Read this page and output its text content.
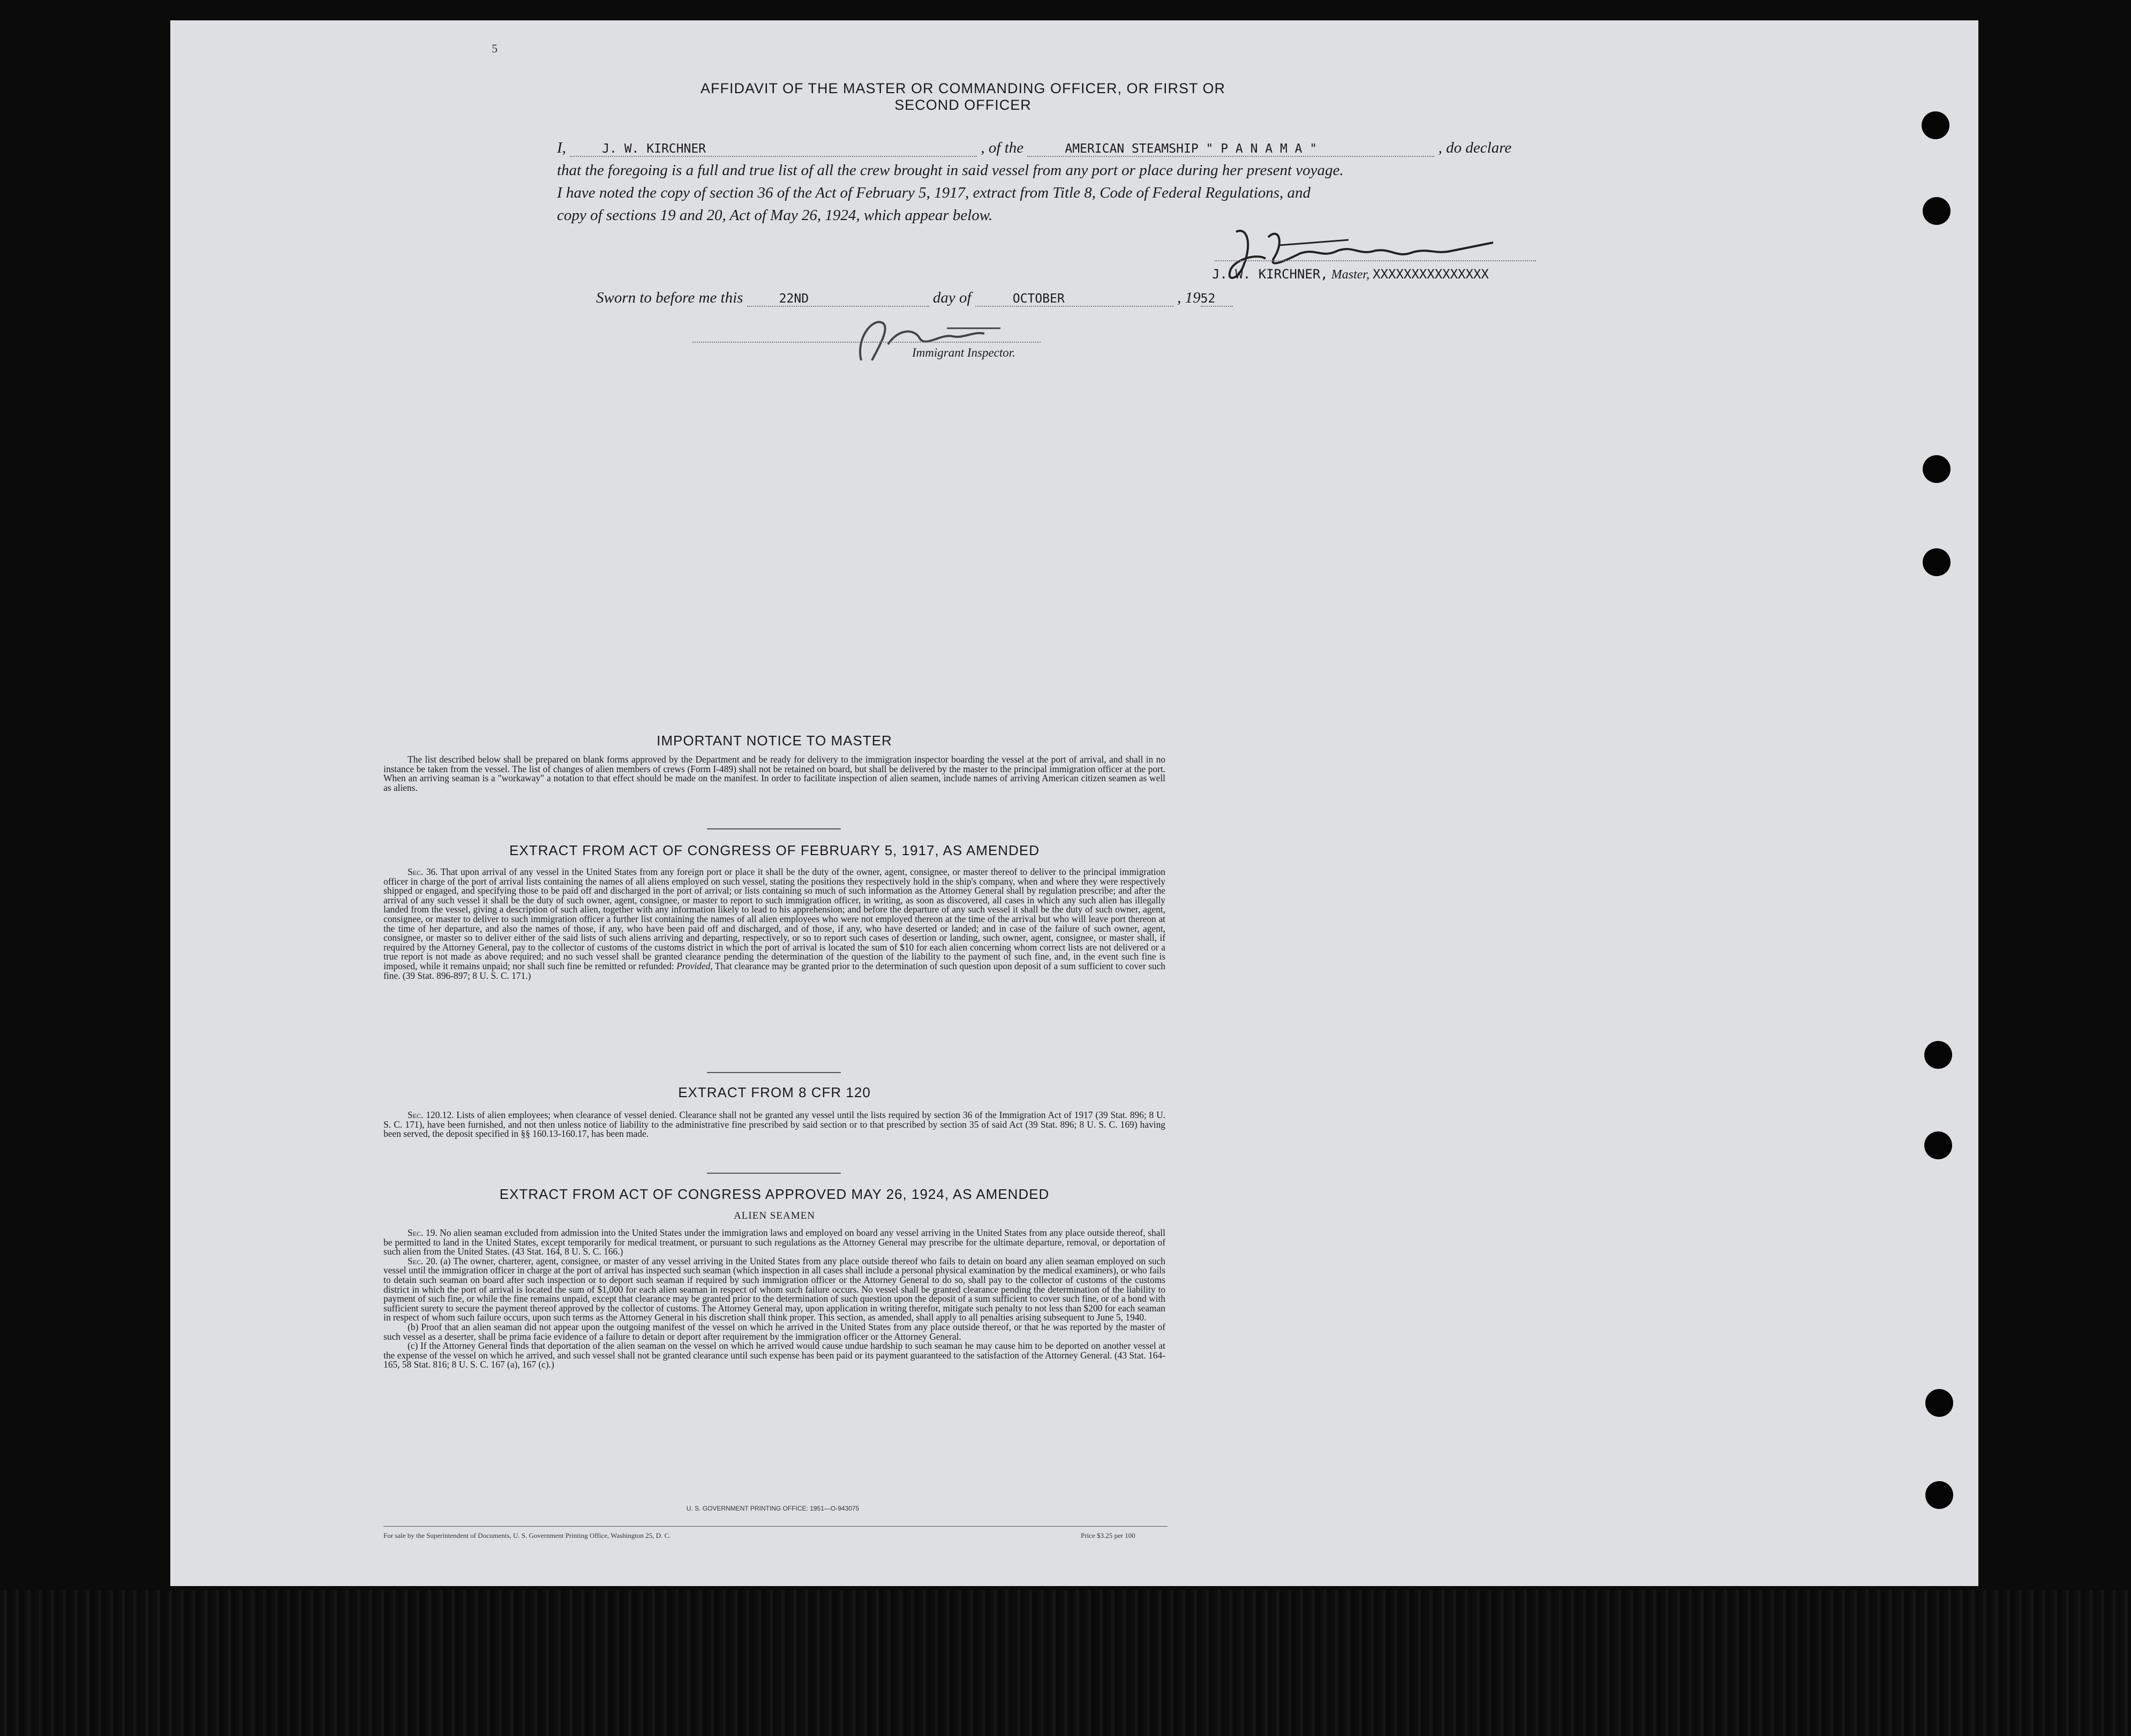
5
AFFIDAVIT OF THE MASTER OR COMMANDING OFFICER, OR FIRST OR SECOND OFFICER
I,	J. W. KIRCHNER	, of the	AMERICAN STEAMSHIP " P A N A M A "	, do declare
that the foregoing is a full and true list of all the crew brought in said vessel from any port or place during her present voyage.
I have noted the copy of section 36 of the Act of February 5, 1917, extract from Title 8, Code of Federal Regulations, and
copy of sections 19 and 20, Act of May 26, 1924, which appear below.
J. W. KIRCHNER, Master, XXXXXXXXXXXXXXX
Sworn to before me this	22ND	day of	OCTOBER	, 1952
Immigrant Inspector.
IMPORTANT NOTICE TO MASTER

The list described below shall be prepared on blank forms approved by the Department and be ready for delivery to the immigration inspector boarding the vessel at the port of arrival, and shall in no instance be taken from the vessel. The list of changes of alien members of crews (Form I-489) shall not be retained on board, but shall be delivered by the master to the principal immigration officer at the port. When an arriving seaman is a "workaway" a notation to that effect should be made on the manifest. In order to facilitate inspection of alien seamen, include names of arriving American citizen seamen as well as aliens.

EXTRACT FROM ACT OF CONGRESS OF FEBRUARY 5, 1917, AS AMENDED

Sec. 36. That upon arrival of any vessel in the United States from any foreign port or place it shall be the duty of the owner, agent, consignee, or master thereof to deliver to the principal immigration officer in charge of the port of arrival lists containing the names of all aliens employed on such vessel, stating the positions they respectively hold in the ship's company, when and where they were respectively shipped or engaged, and specifying those to be paid off and discharged in the port of arrival; or lists containing so much of such information as the Attorney General shall by regulation prescribe; and after the arrival of any such vessel it shall be the duty of such owner, agent, consignee, or master to report to such immigration officer, in writing, as soon as discovered, all cases in which any such alien has illegally landed from the vessel, giving a description of such alien, together with any information likely to lead to his apprehension; and before the departure of any such vessel it shall be the duty of such owner, agent, consignee, or master to deliver to such immigration officer a further list containing the names of all alien employees who were not employed thereon at the time of the arrival but who will leave port thereon at the time of her departure, and also the names of those, if any, who have been paid off and discharged, and of those, if any, who have deserted or landed; and in case of the failure of such owner, agent, consignee, or master so to deliver either of the said lists of such aliens arriving and departing, respectively, or so to report such cases of desertion or landing, such owner, agent, consignee, or master shall, if required by the Attorney General, pay to the collector of customs of the customs district in which the port of arrival is located the sum of $10 for each alien concerning whom correct lists are not delivered or a true report is not made as above required; and no such vessel shall be granted clearance pending the determination of the question of the liability to the payment of such fine, and, in the event such fine is imposed, while it remains unpaid; nor shall such fine be remitted or refunded: Provided, That clearance may be granted prior to the determination of such question upon deposit of a sum sufficient to cover such fine. (39 Stat. 896-897; 8 U. S. C. 171.)

EXTRACT FROM 8 CFR 120

Sec. 120.12. Lists of alien employees; when clearance of vessel denied. Clearance shall not be granted any vessel until the lists required by section 36 of the Immigration Act of 1917 (39 Stat. 896; 8 U. S. C. 171), have been furnished, and not then unless notice of liability to the administrative fine prescribed by said section or to that prescribed by section 35 of said Act (39 Stat. 896; 8 U. S. C. 169) having been served, the deposit specified in §§ 160.13-160.17, has been made.

EXTRACT FROM ACT OF CONGRESS APPROVED MAY 26, 1924, AS AMENDED
ALIEN SEAMEN

Sec. 19. No alien seaman excluded from admission into the United States under the immigration laws and employed on board any vessel arriving in the United States from any place outside thereof, shall be permitted to land in the United States, except temporarily for medical treatment, or pursuant to such regulations as the Attorney General may prescribe for the ultimate departure, removal, or deportation of such alien from the United States. (43 Stat. 164, 8 U. S. C. 166.)

Sec. 20. (a) The owner, charterer, agent, consignee, or master of any vessel arriving in the United States from any place outside thereof who fails to detain on board any alien seaman employed on such vessel until the immigration officer in charge at the port of arrival has inspected such seaman (which inspection in all cases shall include a personal physical examination by the medical examiners), or who fails to detain such seaman on board after such inspection or to deport such seaman if required by such immigration officer or the Attorney General to do so, shall pay to the collector of customs of the customs district in which the port of arrival is located the sum of $1,000 for each alien seaman in respect of whom such failure occurs. No vessel shall be granted clearance pending the determination of the liability to payment of such fine, or while the fine remains unpaid, except that clearance may be granted prior to the determination of such question upon the deposit of a sum sufficient to cover such fine, or of a bond with sufficient surety to secure the payment thereof approved by the collector of customs. The Attorney General may, upon application in writing therefor, mitigate such penalty to not less than $200 for each seaman in respect of whom such failure occurs, upon such terms as the Attorney General in his discretion shall think proper. This section, as amended, shall apply to all penalties arising subsequent to June 5, 1940.

(b) Proof that an alien seaman did not appear upon the outgoing manifest of the vessel on which he arrived in the United States from any place outside thereof, or that he was reported by the master of such vessel as a deserter, shall be prima facie evidence of a failure to detain or deport after requirement by the immigration officer or the Attorney General.

(c) If the Attorney General finds that deportation of the alien seaman on the vessel on which he arrived would cause undue hardship to such seaman he may cause him to be deported on another vessel at the expense of the vessel on which he arrived, and such vessel shall not be granted clearance until such expense has been paid or its payment guaranteed to the satisfaction of the Attorney General. (43 Stat. 164-165, 58 Stat. 816; 8 U. S. C. 167 (a), 167 (c).)

U. S. GOVERNMENT PRINTING OFFICE: 1951—O-943075
For sale by the Superintendent of Documents, U. S. Government Printing Office, Washington 25, D. C.	Price $3.25 per 100
